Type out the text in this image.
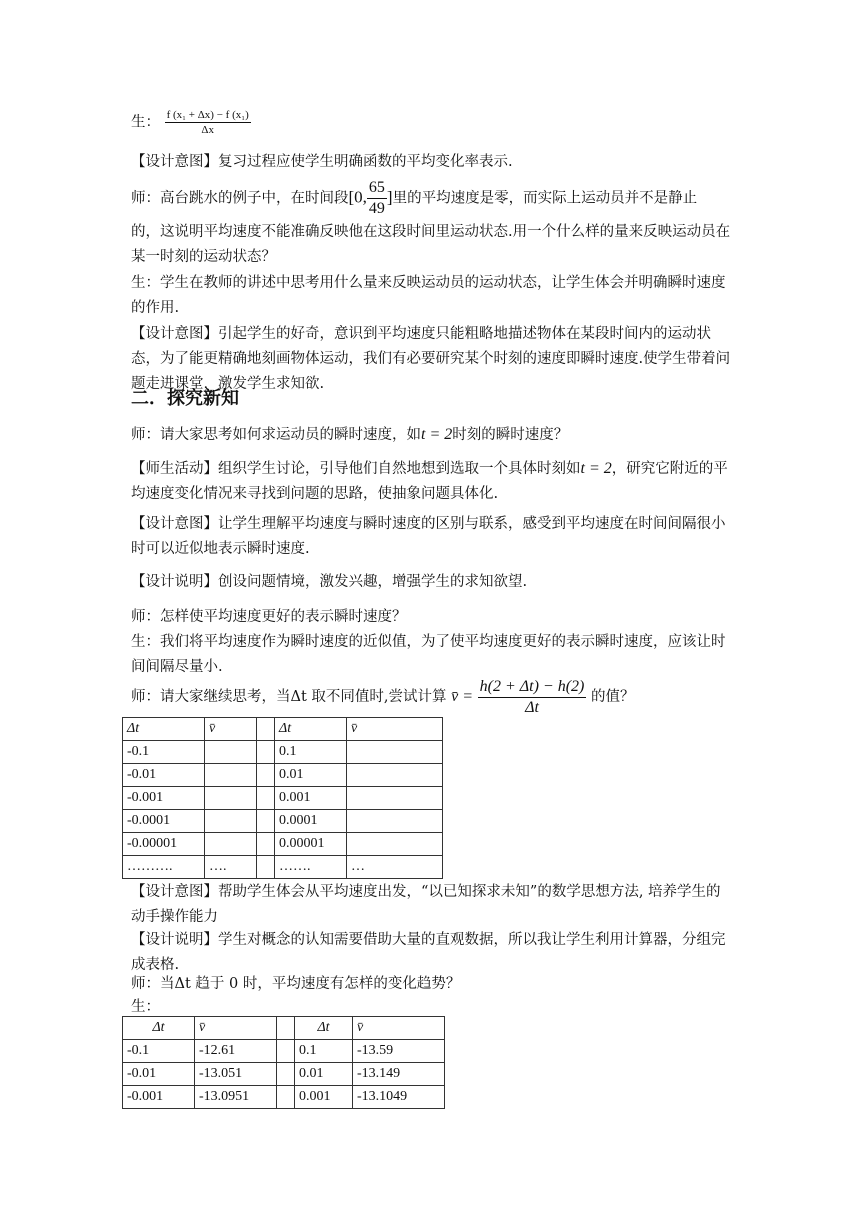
生： $\frac{\text{f (x₁ + Δx) − f (x₁)}}{\Delta x}$

【设计意图】复习过程应使学生明确函数的平均变化率表示.

师：高台跳水的例子中，在时间段[0, $\frac{65}{49}$ ]里的平均速度是零，而实际上运动员并不是静止

的，这说明平均速度不能准确反映他在这段时间里运动状态.用一个什么样的量来反映运动员在某一时刻的运动状态？

生：学生在教师的讲述中思考用什么量来反映运动员的运动状态，让学生体会并明确瞬时速度的作用.

【设计意图】引起学生的好奇，意识到平均速度只能粗略地描述物体在某段时间内的运动状态，为了能更精确地刻画物体运动，我们有必要研究某个时刻的速度即瞬时速度.使学生带着问题走进课堂，激发学生求知欲.

二．探究新知

师：请大家思考如何求运动员的瞬时速度，如t = 2时刻的瞬时速度？

【师生活动】组织学生讨论，引导他们自然地想到选取一个具体时刻如t = 2，研究它附近的平均速度变化情况来寻找到问题的思路，使抽象问题具体化.

【设计意图】让学生理解平均速度与瞬时速度的区别与联系，感受到平均速度在时间间隔很小时可以近似地表示瞬时速度.

【设计说明】创设问题情境，激发兴趣，增强学生的求知欲望.

师：怎样使平均速度更好的表示瞬时速度？

生：我们将平均速度作为瞬时速度的近似值，为了使平均速度更好的表示瞬时速度，应该让时间间隔尽量小.

师：请大家继续思考，当Δt 取不同值时,尝试计算 v̄ = $\frac{h(2 + \Delta t) - h(2)}{\Delta t}$ 的值？

Δt	v̄		Δt	v̄
-0.1			0.1	
-0.01			0.01	
-0.001			0.001	
-0.0001			0.0001	
-0.00001			0.00001	
……….	….		…….	…

【设计意图】帮助学生体会从平均速度出发，“以已知探求未知”的数学思想方法, 培养学生的动手操作能力

【设计说明】学生对概念的认知需要借助大量的直观数据，所以我让学生利用计算器，分组完成表格.

师：当Δt 趋于 0 时，平均速度有怎样的变化趋势？

生：

Δt	v̄		Δt	v̄
-0.1	-12.61		0.1	-13.59
-0.01	-13.051		0.01	-13.149
-0.001	-13.0951		0.001	-13.1049
